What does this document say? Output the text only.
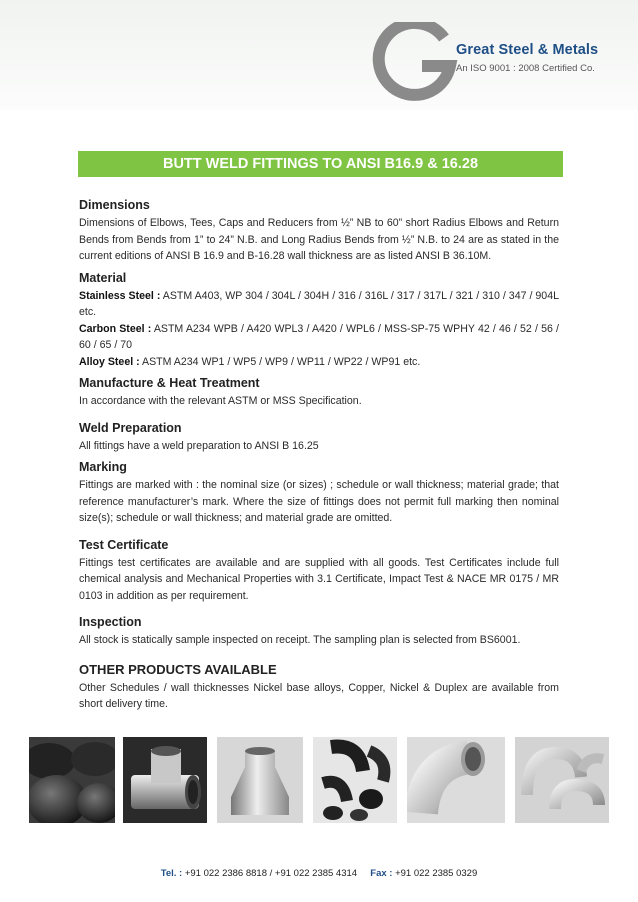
Great Steel & Metals
An ISO 9001 : 2008 Certified Co.
BUTT WELD FITTINGS TO ANSI B16.9 & 16.28
Dimensions

Dimensions of Elbows, Tees, Caps and Reducers from ½” NB to 60” short Radius Elbows and Return Bends from Bends from 1” to 24” N.B. and Long Radius Bends from ½” N.B. to 24 are as stated in the current editions of ANSI B 16.9 and B-16.28 wall thickness are as listed ANSI B 36.10M.

Material

Stainless Steel : ASTM A403, WP 304 / 304L / 304H / 316 / 316L / 317 / 317L / 321 / 310 / 347 / 904L etc.

Carbon Steel : ASTM A234 WPB / A420 WPL3 / A420 / WPL6 / MSS-SP-75 WPHY 42 / 46 / 52 / 56 / 60 / 65 / 70

Alloy Steel : ASTM A234 WP1 / WP5 / WP9 / WP11 / WP22 / WP91 etc.

Manufacture & Heat Treatment

In accordance with the relevant ASTM or MSS Specification.

Weld Preparation

All fittings have a weld preparation to ANSI B 16.25

Marking

Fittings are marked with : the nominal size (or sizes) ; schedule or wall thickness; material grade; that reference manufacturer’s mark. Where the size of fittings does not permit full marking then nominal size(s); schedule or wall thickness; and material grade are omitted.

Test Certificate

Fittings test certificates are available and are supplied with all goods. Test Certificates include full chemical analysis and Mechanical Properties with 3.1 Certificate, Impact Test & NACE MR 0175 / MR 0103 in addition as per requirement.

Inspection

All stock is statically sample inspected on receipt. The sampling plan is selected from BS6001.

OTHER PRODUCTS AVAILABLE

Other Schedules / wall thicknesses Nickel base alloys, Copper, Nickel & Duplex are available from short delivery time.

Tel. : +91 022 2386 8818 / +91 022 2385 4314 Fax : +91 022 2385 0329
